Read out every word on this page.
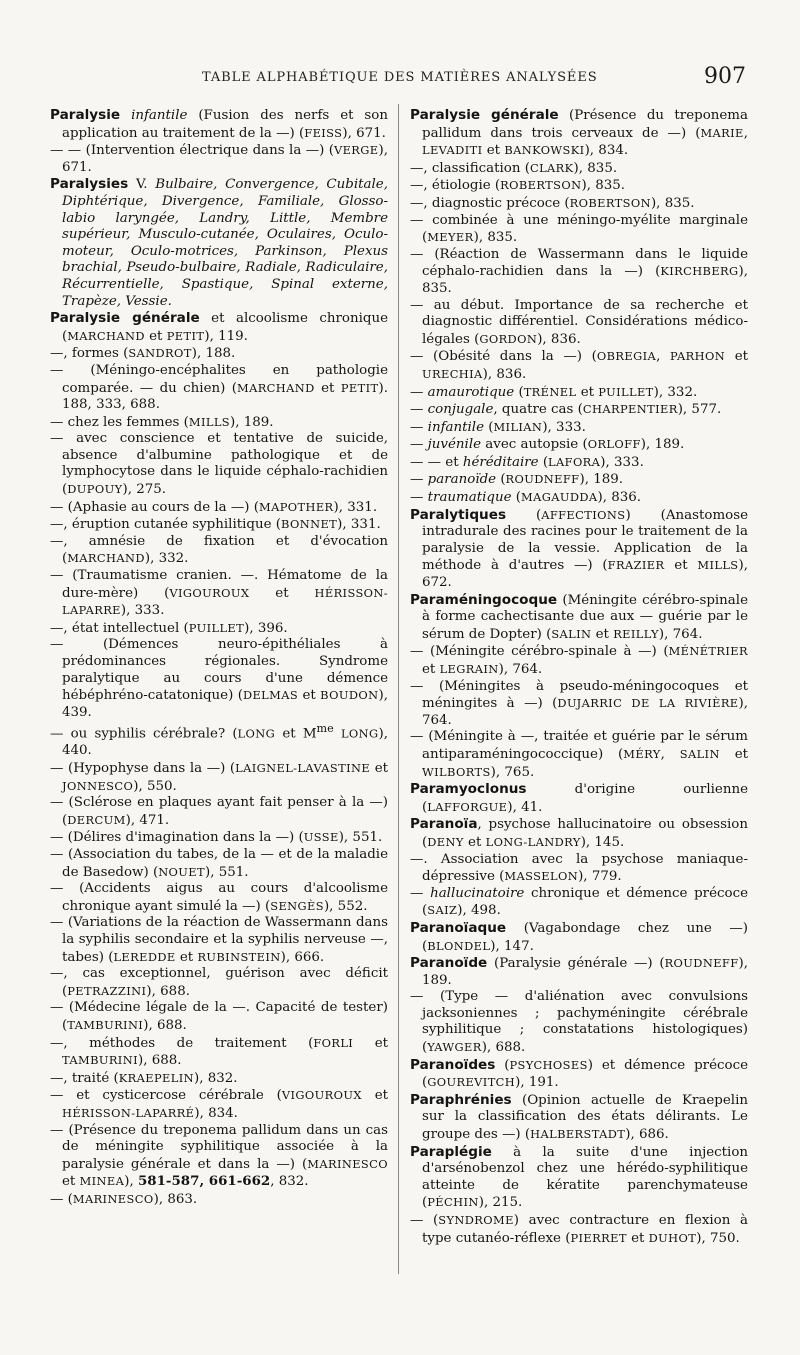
TABLE ALPHABÉTIQUE DES MATIÈRES ANALYSÉES	907

Paralysie infantile (Fusion des nerfs et son application au traitement de la —) (FEISS), 671.

— — (Intervention électrique dans la —) (VERGE), 671.

Paralysies V. Bulbaire, Convergence, Cubitale, Diphtérique, Divergence, Familiale, Glosso-labio laryngée, Landry, Little, Membre supérieur, Musculo-cutanée, Oculaires, Oculo-moteur, Oculo-motrices, Parkinson, Plexus brachial, Pseudo-bulbaire, Radiale, Radiculaire, Récurrentielle, Spastique, Spinal externe, Trapèze, Vessie.

Paralysie générale et alcoolisme chronique (MARCHAND et PETIT), 119.

—, formes (SANDROT), 188.

— (Méningo-encéphalites en pathologie comparée. — du chien) (MARCHAND et PETIT). 188, 333, 688.

— chez les femmes (MILLS), 189.

— avec conscience et tentative de suicide, absence d'albumine pathologique et de lymphocytose dans le liquide céphalo-rachidien (DUPOUY), 275.

— (Aphasie au cours de la —) (MAPOTHER), 331.

—, éruption cutanée syphilitique (BONNET), 331.

—, amnésie de fixation et d'évocation (MARCHAND), 332.

— (Traumatisme cranien. —. Hématome de la dure-mère) (VIGOUROUX et HÉRISSON-LAPARRE), 333.

—, état intellectuel (PUILLET), 396.

— (Démences neuro-épithéliales à prédominances régionales. Syndrome paralytique au cours d'une démence hébéphréno-catatonique) (DELMAS et BOUDON), 439.

— ou syphilis cérébrale? (LONG et $M^{me}$ LONG), 440.

— (Hypophyse dans la —) (LAIGNEL-LAVASTINE et JONNESCO), 550.

— (Sclérose en plaques ayant fait penser à la —) (DERCUM), 471.

— (Délires d'imagination dans la —) (USSE), 551.

— (Association du tabes, de la — et de la maladie de Basedow) (NOUET), 551.

— (Accidents aigus au cours d'alcoolisme chronique ayant simulé la —) (SENGÈS), 552.

— (Variations de la réaction de Wassermann dans la syphilis secondaire et la syphilis nerveuse —, tabes) (LEREDDE et RUBINSTEIN), 666.

—, cas exceptionnel, guérison avec déficit (PETRAZZINI), 688.

— (Médecine légale de la —. Capacité de tester) (TAMBURINI), 688.

—, méthodes de traitement (FORLI et TAMBURINI), 688.

—, traité (KRAEPELIN), 832.

— et cysticercose cérébrale (VIGOUROUX et HÉRISSON-LAPARRÉ), 834.

— (Présence du treponema pallidum dans un cas de méningite syphilitique associée à la paralysie générale et dans la —) (MARINESCO et MINEA), 581-587, 661-662, 832.

— (MARINESCO), 863.

Paralysie générale (Présence du treponema pallidum dans trois cerveaux de —) (MARIE, LEVADITI et BANKOWSKI), 834.

—, classification (CLARK), 835.

—, étiologie (ROBERTSON), 835.

—, diagnostic précoce (ROBERTSON), 835.

— combinée à une méningo-myélite marginale (MEYER), 835.

— (Réaction de Wassermann dans le liquide céphalo-rachidien dans la —) (KIRCHBERG), 835.

— au début. Importance de sa recherche et diagnostic différentiel. Considérations médico-légales (GORDON), 836.

— (Obésité dans la —) (OBREGIA, PARHON et URECHIA), 836.

— amaurotique (TRÉNEL et PUILLET), 332.

— conjugale, quatre cas (CHARPENTIER), 577.

— infantile (MILIAN), 333.

— juvénile avec autopsie (ORLOFF), 189.

— — et héréditaire (LAFORA), 333.

— paranoïde (ROUDNEFF), 189.

— traumatique (MAGAUDDA), 836.

Paralytiques (AFFECTIONS) (Anastomose intradurale des racines pour le traitement de la paralysie de la vessie. Application de la méthode à d'autres —) (FRAZIER et MILLS), 672.

Paraméningocoque (Méningite cérébro-spinale à forme cachectisante due aux — guérie par le sérum de Dopter) (SALIN et REILLY), 764.

— (Méningite cérébro-spinale à —) (MÉNÉTRIER et LEGRAIN), 764.

— (Méningites à pseudo-méningocoques et méningites à —) (DUJARRIC DE LA RIVIÈRE), 764.

— (Méningite à —, traitée et guérie par le sérum antiparaméningococcique) (MÉRY, SALIN et WILBORTS), 765.

Paramyoclonus d'origine ourlienne (LAFFORGUE), 41.

Paranoïa, psychose hallucinatoire ou obsession (DENY et LONG-LANDRY), 145.

—. Association avec la psychose maniaque-dépressive (MASSELON), 779.

— hallucinatoire chronique et démence précoce (SAIZ), 498.

Paranoïaque (Vagabondage chez une —) (BLONDEL), 147.

Paranoïde (Paralysie générale —) (ROUDNEFF), 189.

— (Type — d'aliénation avec convulsions jacksoniennes ; pachyméningite cérébrale syphilitique ; constatations histologiques) (YAWGER), 688.

Paranoïdes (PSYCHOSES) et démence précoce (GOUREVITCH), 191.

Paraphrénies (Opinion actuelle de Kraepelin sur la classification des états délirants. Le groupe des —) (HALBERSTADT), 686.

Paraplégie à la suite d'une injection d'arsénobenzol chez une hérédo-syphilitique atteinte de kératite parenchymateuse (PÉCHIN), 215.

— (SYNDROME) avec contracture en flexion à type cutanéo-réflexe (PIERRET et DUHOT), 750.
